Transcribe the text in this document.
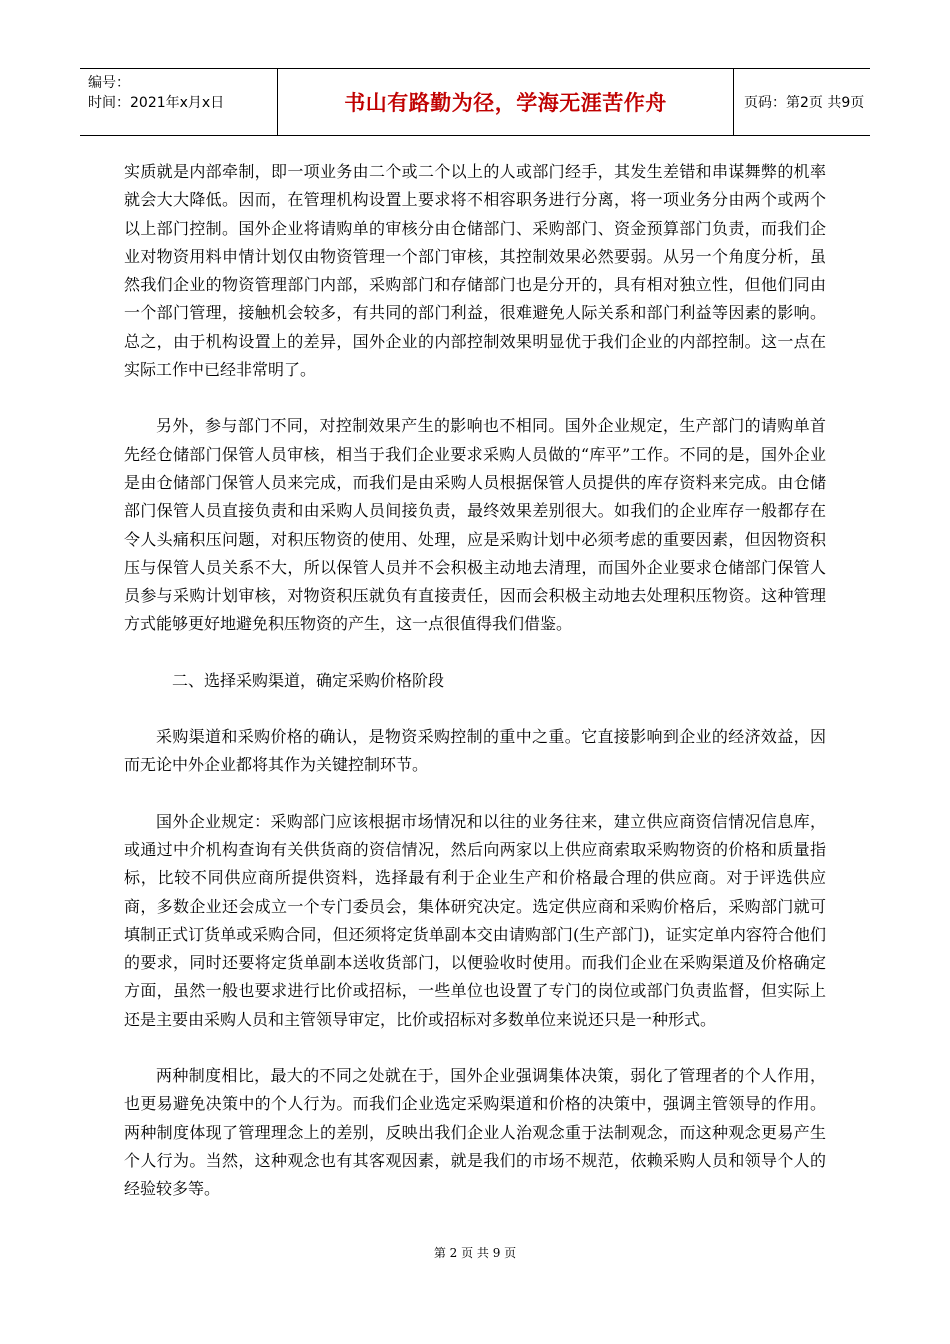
编号：
时间：2021年x月x日	书山有路勤为径，学海无涯苦作舟	页码：第2页 共9页

实质就是内部牵制，即一项业务由二个或二个以上的人或部门经手，其发生差错和串谋舞弊的机率就会大大降低。因而，在管理机构设置上要求将不相容职务进行分离，将一项业务分由两个或两个以上部门控制。国外企业将请购单的审核分由仓储部门、采购部门、资金预算部门负责，而我们企业对物资用料申情计划仅由物资管理一个部门审核，其控制效果必然要弱。从另一个角度分析，虽然我们企业的物资管理部门内部，采购部门和存储部门也是分开的，具有相对独立性，但他们同由一个部门管理，接触机会较多，有共同的部门利益，很难避免人际关系和部门利益等因素的影响。总之，由于机构设置上的差异，国外企业的内部控制效果明显优于我们企业的内部控制。这一点在实际工作中已经非常明了。

另外，参与部门不同，对控制效果产生的影响也不相同。国外企业规定，生产部门的请购单首先经仓储部门保管人员审核，相当于我们企业要求采购人员做的“库平”工作。不同的是，国外企业是由仓储部门保管人员来完成，而我们是由采购人员根据保管人员提供的库存资料来完成。由仓储部门保管人员直接负责和由采购人员间接负责，最终效果差别很大。如我们的企业库存一般都存在令人头痛积压问题，对积压物资的使用、处理，应是采购计划中必须考虑的重要因素，但因物资积压与保管人员关系不大，所以保管人员并不会积极主动地去清理，而国外企业要求仓储部门保管人员参与采购计划审核，对物资积压就负有直接责任，因而会积极主动地去处理积压物资。这种管理方式能够更好地避免积压物资的产生，这一点很值得我们借鉴。

二、选择采购渠道，确定采购价格阶段

采购渠道和采购价格的确认，是物资采购控制的重中之重。它直接影响到企业的经济效益，因而无论中外企业都将其作为关键控制环节。

国外企业规定：采购部门应该根据市场情况和以往的业务往来，建立供应商资信情况信息库，或通过中介机构查询有关供货商的资信情况，然后向两家以上供应商索取采购物资的价格和质量指标，比较不同供应商所提供资料，选择最有利于企业生产和价格最合理的供应商。对于评选供应商，多数企业还会成立一个专门委员会，集体研究决定。选定供应商和采购价格后，采购部门就可填制正式订货单或采购合同，但还须将定货单副本交由请购部门(生产部门)，证实定单内容符合他们的要求，同时还要将定货单副本送收货部门，以便验收时使用。而我们企业在采购渠道及价格确定方面，虽然一般也要求进行比价或招标，一些单位也设置了专门的岗位或部门负责监督，但实际上还是主要由采购人员和主管领导审定，比价或招标对多数单位来说还只是一种形式。

两种制度相比，最大的不同之处就在于，国外企业强调集体决策，弱化了管理者的个人作用，也更易避免决策中的个人行为。而我们企业选定采购渠道和价格的决策中，强调主管领导的作用。两种制度体现了管理理念上的差别，反映出我们企业人治观念重于法制观念，而这种观念更易产生个人行为。当然，这种观念也有其客观因素，就是我们的市场不规范，依赖采购人员和领导个人的经验较多等。

第 2 页 共 9 页
